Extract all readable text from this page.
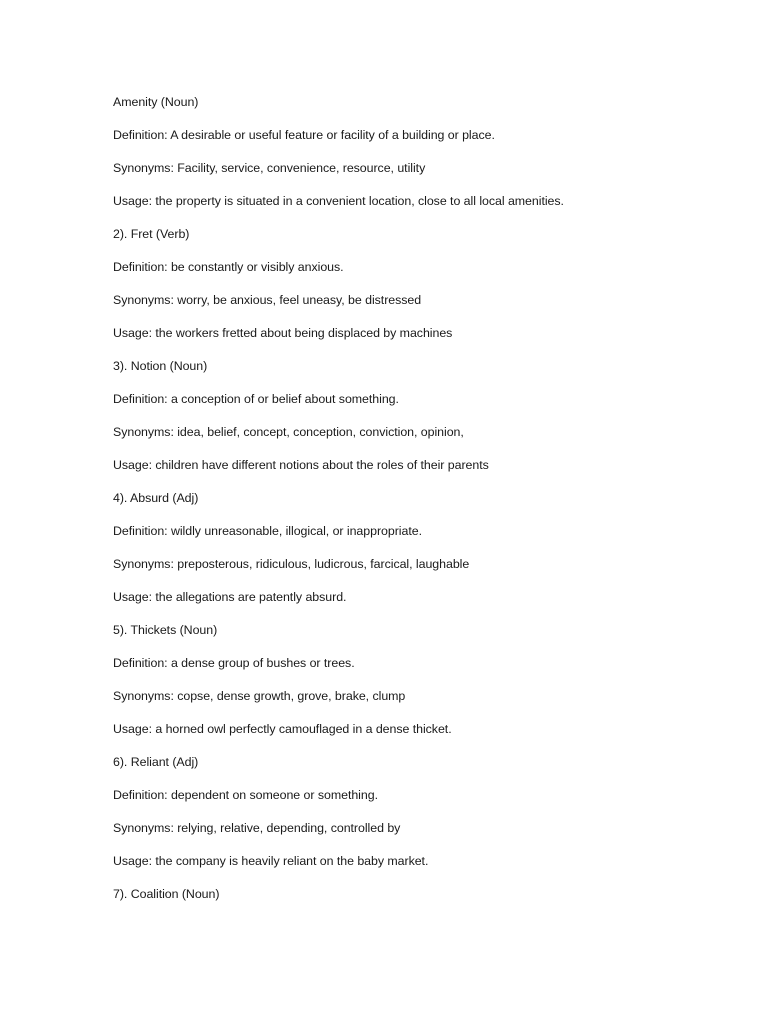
Amenity (Noun)
Definition: A desirable or useful feature or facility of a building or place.
Synonyms: Facility, service, convenience, resource, utility
Usage: the property is situated in a convenient location, close to all local amenities.
2). Fret (Verb)
Definition: be constantly or visibly anxious.
Synonyms: worry, be anxious, feel uneasy, be distressed
Usage: the workers fretted about being displaced by machines
3). Notion (Noun)
Definition: a conception of or belief about something.
Synonyms: idea, belief, concept, conception, conviction, opinion,
Usage: children have different notions about the roles of their parents
4). Absurd (Adj)
Definition: wildly unreasonable, illogical, or inappropriate.
Synonyms: preposterous, ridiculous, ludicrous, farcical, laughable
Usage: the allegations are patently absurd.
5). Thickets (Noun)
Definition: a dense group of bushes or trees.
Synonyms: copse, dense growth, grove, brake, clump
Usage: a horned owl perfectly camouflaged in a dense thicket.
6). Reliant (Adj)
Definition: dependent on someone or something.
Synonyms: relying, relative, depending, controlled by
Usage: the company is heavily reliant on the baby market.
7). Coalition (Noun)
